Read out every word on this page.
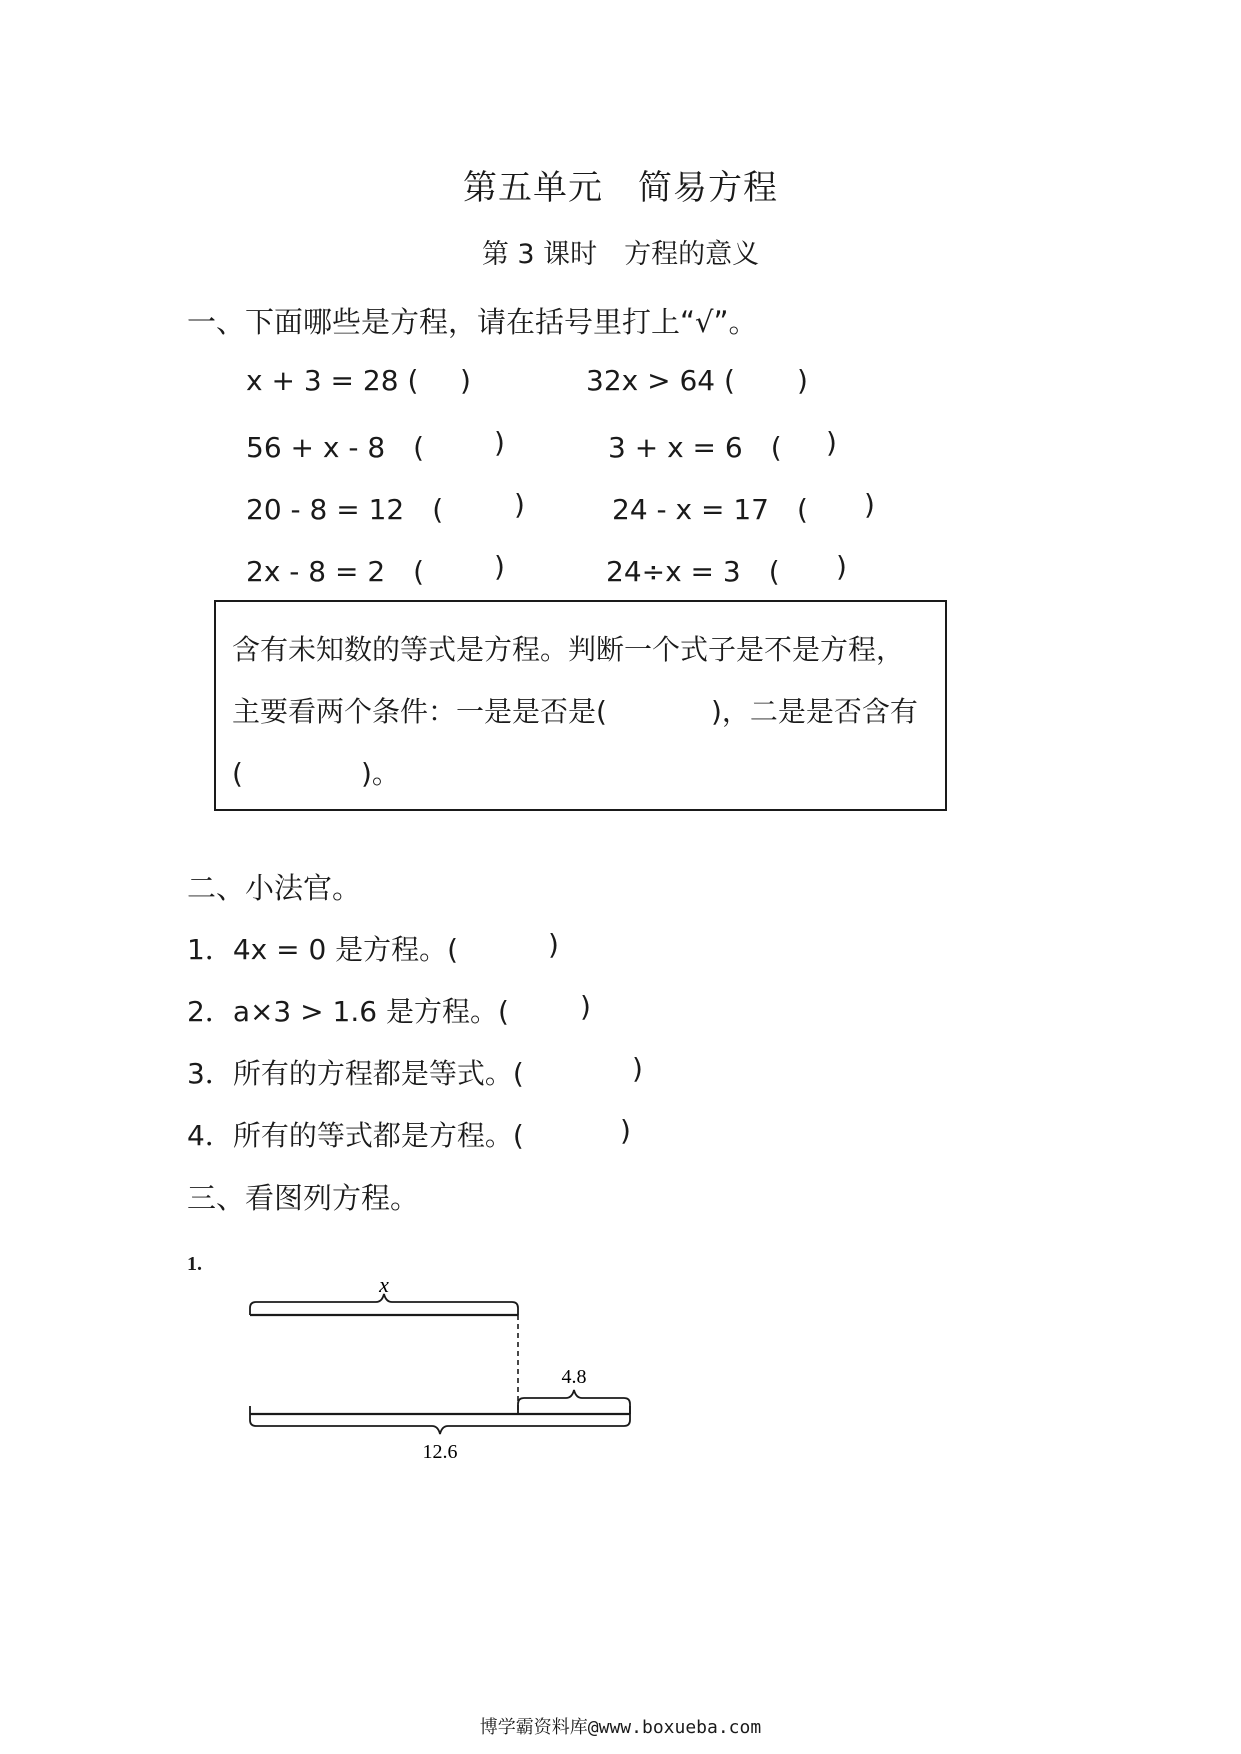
第五单元　简易方程
第 3 课时　方程的意义
一、下面哪些是方程，请在括号里打上“√”。
x + 3 = 28 ( )	32x > 64 ( )
56 + x - 8　( )	3 + x = 6　( )
20 - 8 = 12　(	)	24 - x = 17　( )
2x - 8 = 2　( )	24÷x = 3　( )
含有未知数的等式是方程。判断一个式子是不是方程，
主要看两个条件：一是是否是(	)，二是是否含有
(	)。
二、小法官。
1．4x = 0 是方程。(	)
2．a×3 > 1.6 是方程。(	)
3．所有的方程都是等式。(	)
4．所有的等式都是方程。(	)
三、看图列方程。
1.
x
4.8
12.6
博学霸资料库@www.boxueba.com
